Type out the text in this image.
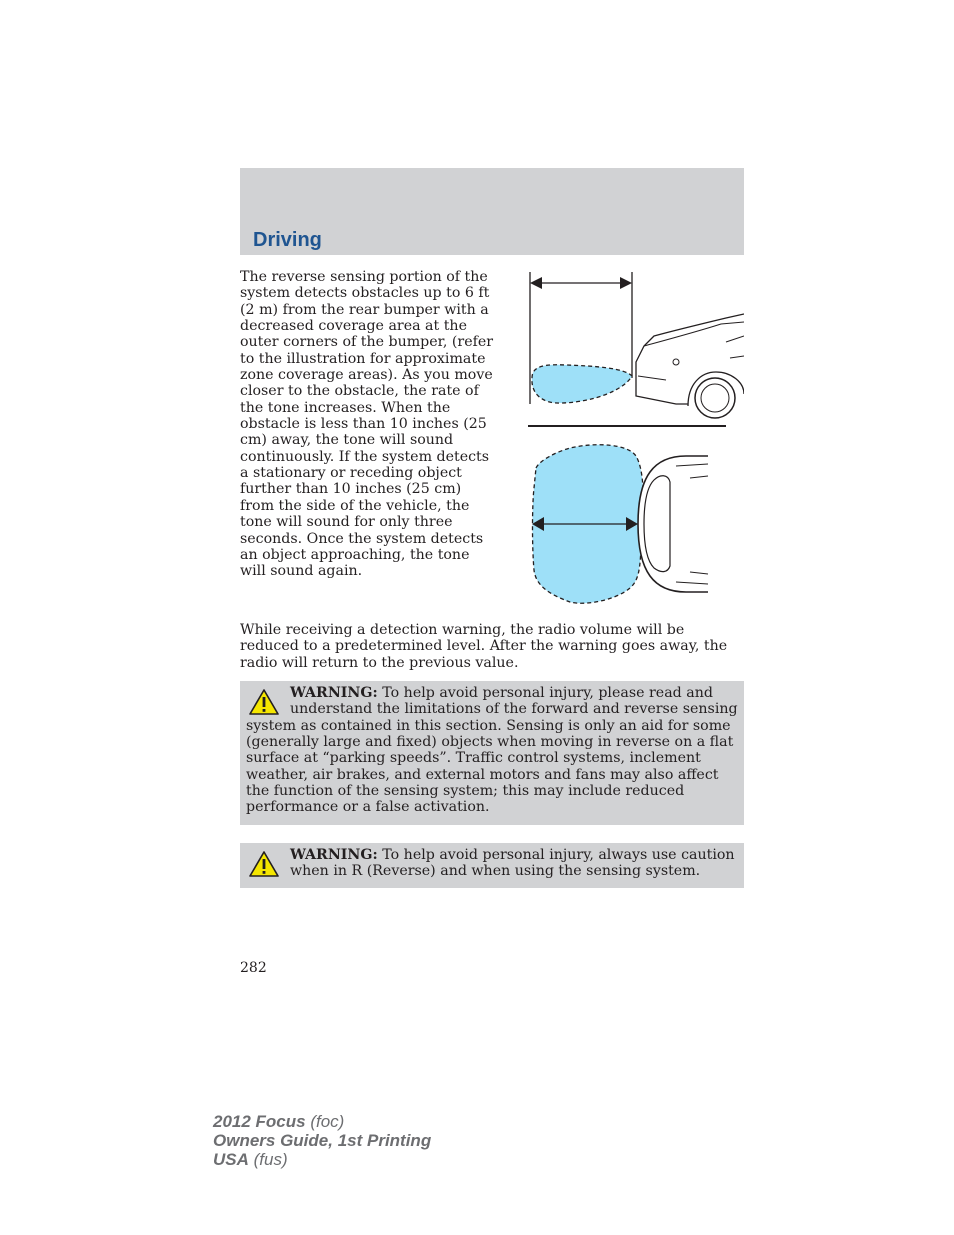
Driving

The reverse sensing portion of the system detects obstacles up to 6 ft (2 m) from the rear bumper with a decreased coverage area at the outer corners of the bumper, (refer to the illustration for approximate zone coverage areas). As you move closer to the obstacle, the rate of the tone increases. When the obstacle is less than 10 inches (25 cm) away, the tone will sound continuously. If the system detects a stationary or receding object further than 10 inches (25 cm) from the side of the vehicle, the tone will sound for only three seconds. Once the system detects an object approaching, the tone will sound again.

While receiving a detection warning, the radio volume will be reduced to a predetermined level. After the warning goes away, the radio will return to the previous value.

WARNING: To help avoid personal injury, please read and understand the limitations of the forward and reverse sensing system as contained in this section. Sensing is only an aid for some (generally large and fixed) objects when moving in reverse on a flat surface at “parking speeds”. Traffic control systems, inclement weather, air brakes, and external motors and fans may also affect the function of the sensing system; this may include reduced performance or a false activation.

WARNING: To help avoid personal injury, always use caution when in R (Reverse) and when using the sensing system.

282

2012 Focus (foc)
Owners Guide, 1st Printing
USA (fus)
